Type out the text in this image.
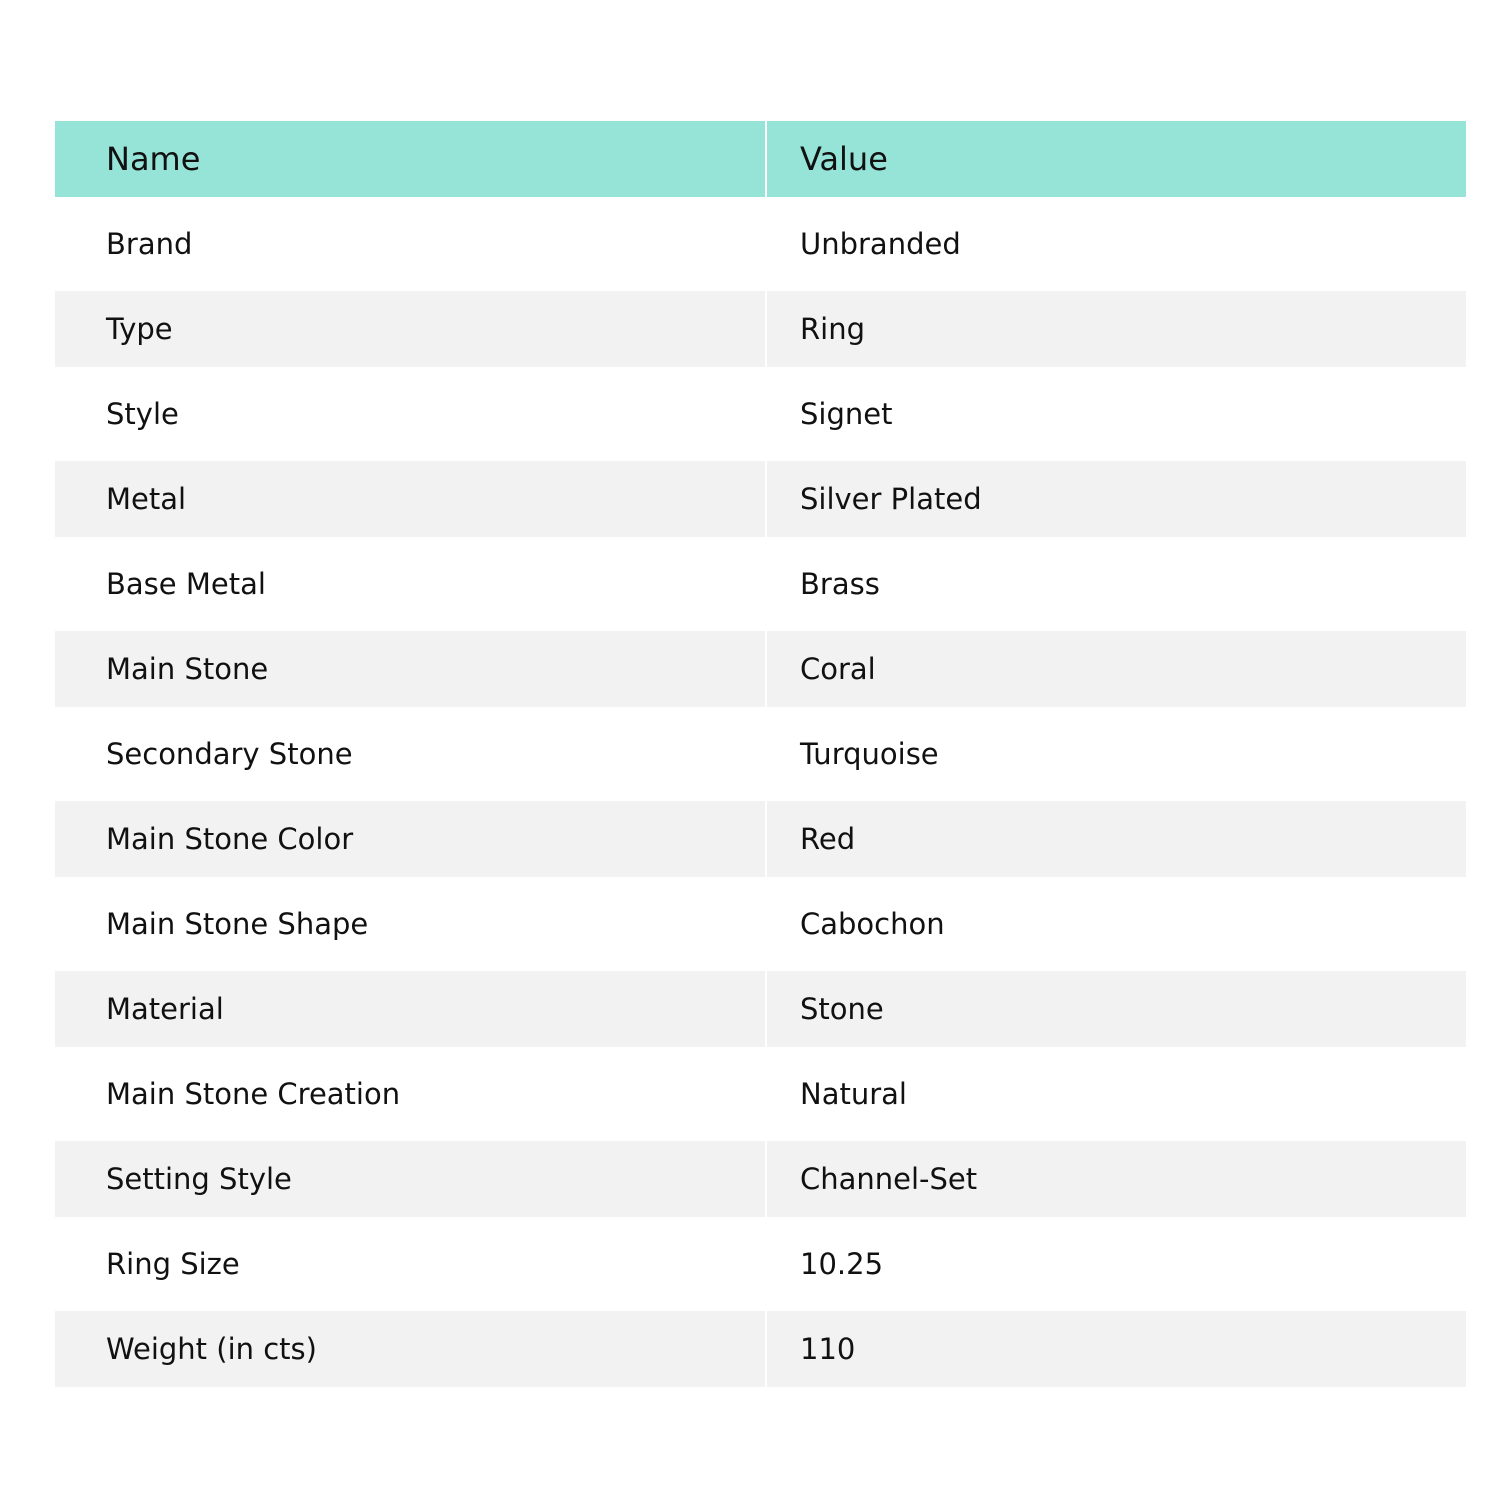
Name	Value
Brand	Unbranded
Type	Ring
Style	Signet
Metal	Silver Plated
Base Metal	Brass
Main Stone	Coral
Secondary Stone	Turquoise
Main Stone Color	Red
Main Stone Shape	Cabochon
Material	Stone
Main Stone Creation	Natural
Setting Style	Channel-Set
Ring Size	10.25
Weight (in cts)	110
